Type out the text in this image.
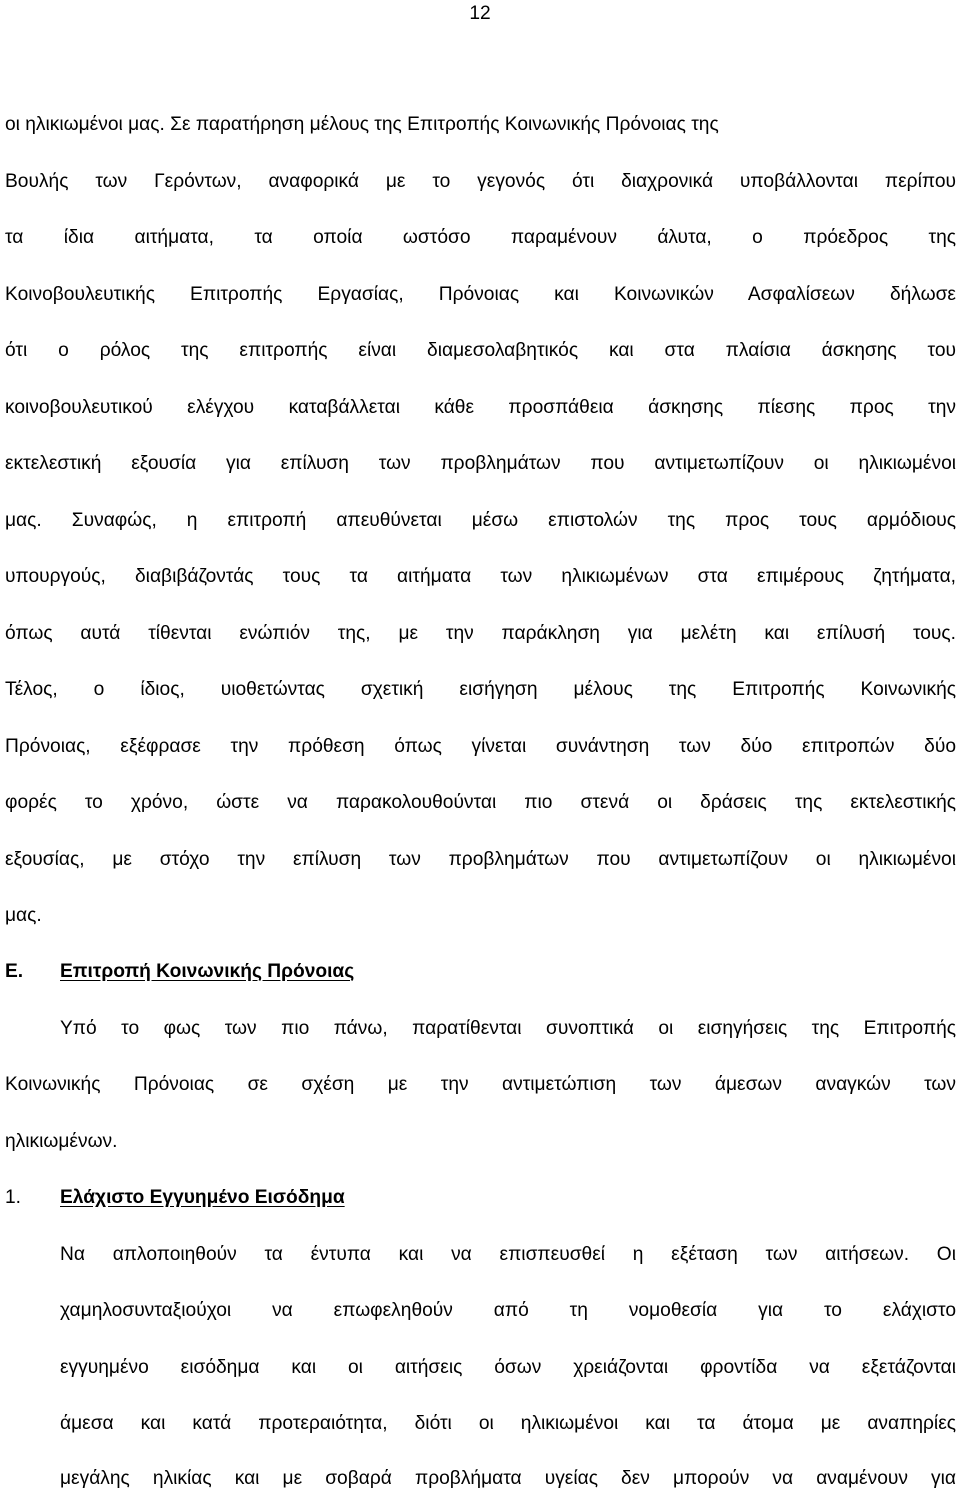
12
οι ηλικιωμένοι μας. Σε παρατήρηση μέλους της Επιτροπής Κοινωνικής Πρόνοιας της
Βουλής των Γερόντων, αναφορικά με το γεγονός ότι διαχρονικά υποβάλλονται περίπου
τα ίδια αιτήματα, τα οποία ωστόσο παραμένουν άλυτα, ο πρόεδρος της
Κοινοβουλευτικής Επιτροπής Εργασίας, Πρόνοιας και Κοινωνικών Ασφαλίσεων δήλωσε
ότι ο ρόλος της επιτροπής είναι διαμεσολαβητικός και στα πλαίσια άσκησης του
κοινοβουλευτικού ελέγχου καταβάλλεται κάθε προσπάθεια άσκησης πίεσης προς την
εκτελεστική εξουσία για επίλυση των προβλημάτων που αντιμετωπίζουν οι ηλικιωμένοι
μας. Συναφώς, η επιτροπή απευθύνεται μέσω επιστολών της προς τους αρμόδιους
υπουργούς, διαβιβάζοντάς τους τα αιτήματα των ηλικιωμένων στα επιμέρους ζητήματα,
όπως αυτά τίθενται ενώπιόν της, με την παράκληση για μελέτη και επίλυσή τους.
Τέλος, ο ίδιος, υιοθετώντας σχετική εισήγηση μέλους της Επιτροπής Κοινωνικής
Πρόνοιας, εξέφρασε την πρόθεση όπως γίνεται συνάντηση των δύο επιτροπών δύο
φορές το χρόνο, ώστε να παρακολουθούνται πιο στενά οι δράσεις της εκτελεστικής
εξουσίας, με στόχο την επίλυση των προβλημάτων που αντιμετωπίζουν οι ηλικιωμένοι
μας.
Ε. Επιτροπή Κοινωνικής Πρόνοιας
Υπό το φως των πιο πάνω, παρατίθενται συνοπτικά οι εισηγήσεις της Επιτροπής
Κοινωνικής Πρόνοιας σε σχέση με την αντιμετώπιση των άμεσων αναγκών των
ηλικιωμένων.
1. Ελάχιστο Εγγυημένο Εισόδημα
Να απλοποιηθούν τα έντυπα και να επισπευσθεί η εξέταση των αιτήσεων. Οι
χαμηλοσυνταξιούχοι να επωφεληθούν από τη νομοθεσία για το ελάχιστο
εγγυημένο εισόδημα και οι αιτήσεις όσων χρειάζονται φροντίδα να εξετάζονται
άμεσα και κατά προτεραιότητα, διότι οι ηλικιωμένοι και τα άτομα με αναπηρίες
μεγάλης ηλικίας και με σοβαρά προβλήματα υγείας δεν μπορούν να αναμένουν για
